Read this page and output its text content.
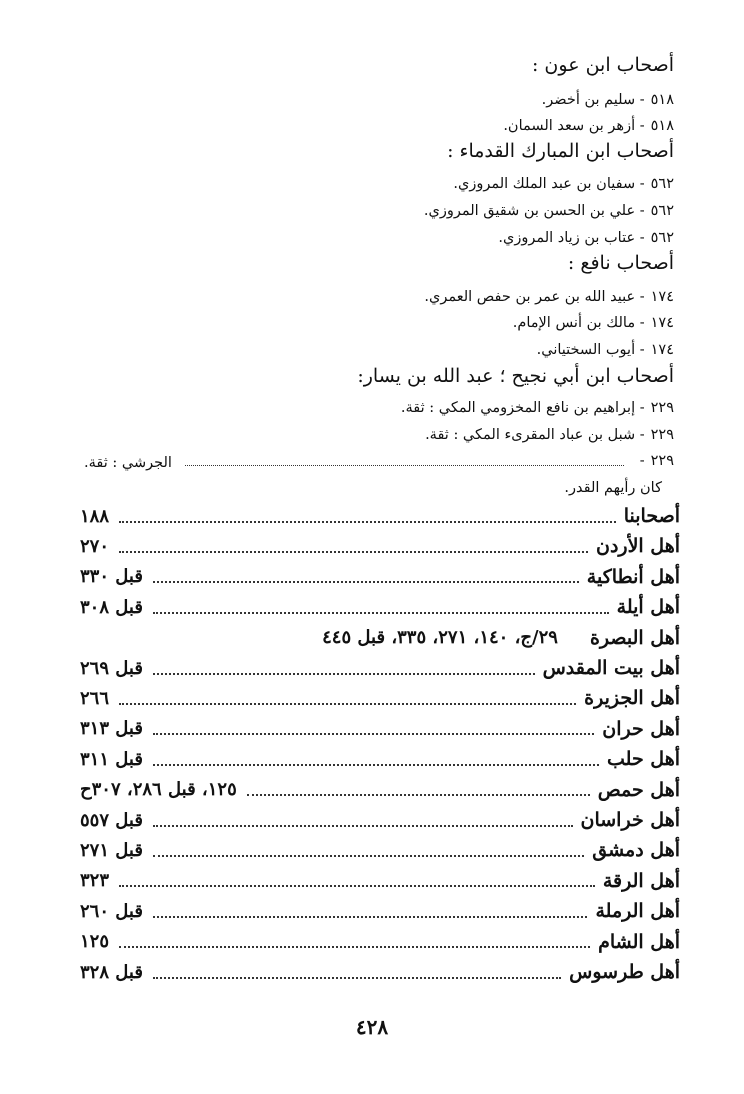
أصحاب ابن عون :
٥١٨- سليم بن أخضر.
٥١٨- أزهر بن سعد السمان.
أصحاب ابن المبارك القدماء :
٥٦٢- سفيان بن عبد الملك المروزي.
٥٦٢- علي بن الحسن بن شقيق المروزي.
٥٦٢- عتاب بن زياد المروزي.
أصحاب نافع :
١٧٤- عبيد الله بن عمر بن حفص العمري.
١٧٤- مالك بن أنس الإمام.
١٧٤- أيوب السختياني.
أصحاب ابن أبي نجيح ؛ عبد الله بن يسار:
٢٢٩- إبراهيم بن نافع المخزومي المكي : ثقة.
٢٢٩- شبل بن عباد المقرىء المكي : ثقة.
٢٢٩-
الجرشي : ثقة.
كان رأيهم القدر.
أصحابنا
١٨٨
أهل الأردن
٢٧٠
أهل أنطاكية
قبل ٣٣٠
أهل أيلة
قبل ٣٠٨
أهل البصرة
٢٩/ج، ١٤٠، ٢٧١، ٣٣٥، قبل ٤٤٥
أهل بيت المقدس
قبل ٢٦٩
أهل الجزيرة
٢٦٦
أهل حران
قبل ٣١٣
أهل حلب
قبل ٣١١
أهل حمص
١٢٥، قبل ٢٨٦، ٣٠٧ح
أهل خراسان
قبل ٥٥٧
أهل دمشق
قبل ٢٧١
أهل الرقة
٣٢٣
أهل الرملة
قبل ٢٦٠
أهل الشام
١٢٥
أهل طرسوس
قبل ٣٢٨
٤٢٨
